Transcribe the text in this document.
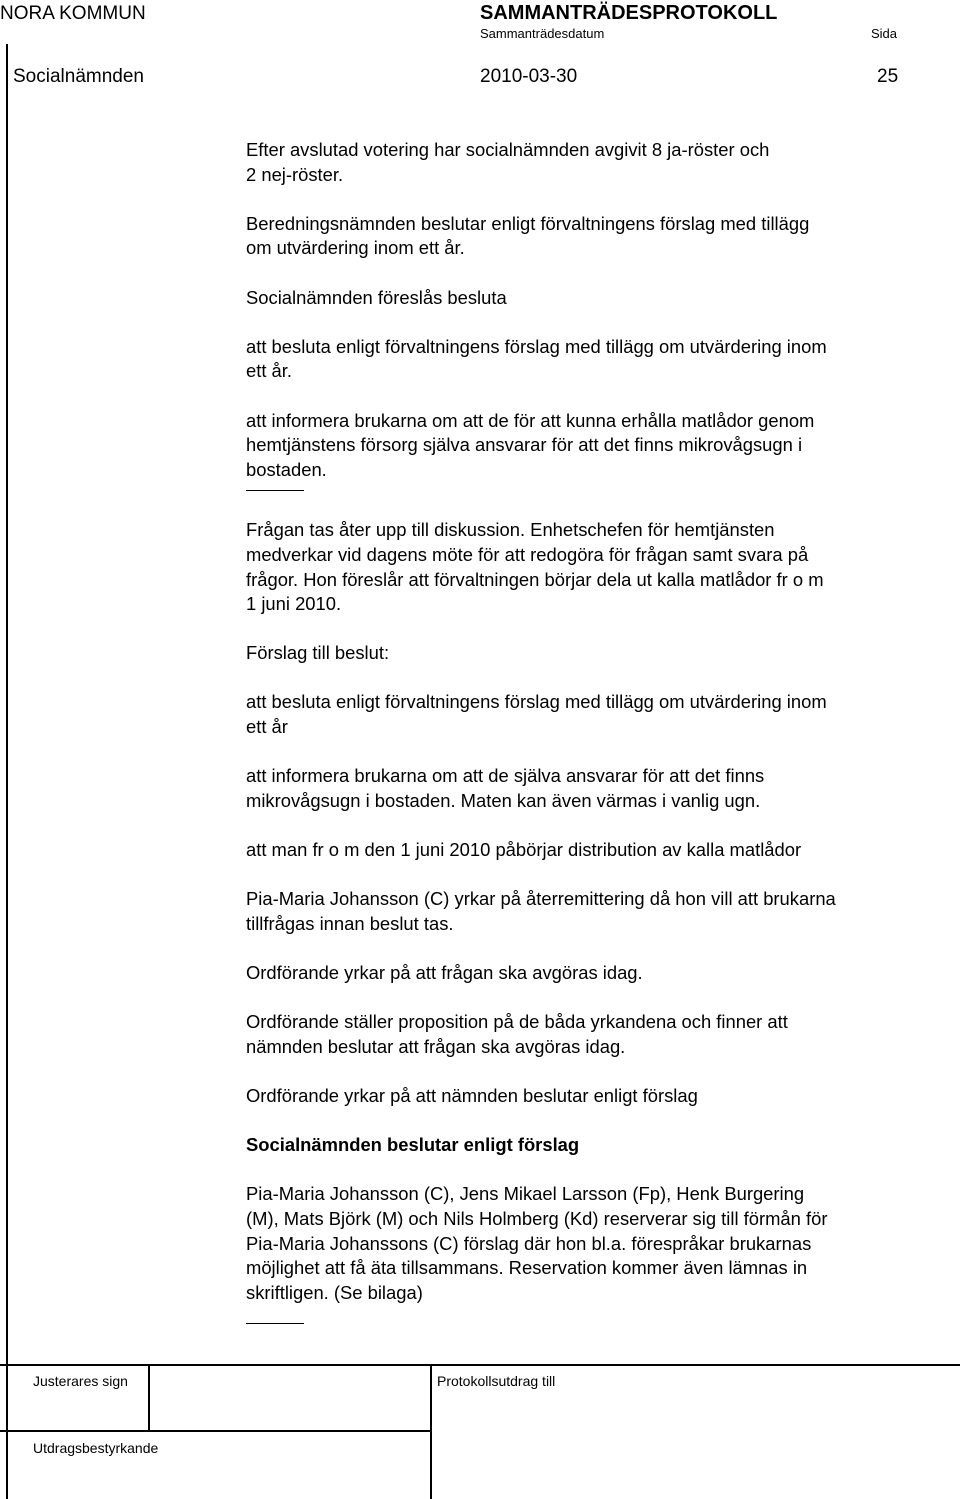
NORA KOMMUN	SAMMANTRÄDESPROTOKOLL
Sammanträdesdatum	Sida
Socialnämnden	2010-03-30	25

Efter avslutad votering har socialnämnden avgivit 8 ja-röster och
2 nej-röster.

Beredningsnämnden beslutar enligt förvaltningens förslag med tillägg
om utvärdering inom ett år.

Socialnämnden föreslås besluta

att besluta enligt förvaltningens förslag med tillägg om utvärdering inom
ett år.

att informera brukarna om att de för att kunna erhålla matlådor genom
hemtjänstens försorg själva ansvarar för att det finns mikrovågsugn i
bostaden.

Frågan tas åter upp till diskussion. Enhetschefen för hemtjänsten
medverkar vid dagens möte för att redogöra för frågan samt svara på
frågor. Hon föreslår att förvaltningen börjar dela ut kalla matlådor fr o m
1 juni 2010.

Förslag till beslut:

att besluta enligt förvaltningens förslag med tillägg om utvärdering inom
ett år

att informera brukarna om att de själva ansvarar för att det finns
mikrovågsugn i bostaden. Maten kan även värmas i vanlig ugn.

att man fr o m den 1 juni 2010 påbörjar distribution av kalla matlådor

Pia-Maria Johansson (C) yrkar på återremittering då hon vill att brukarna
tillfrågas innan beslut tas.

Ordförande yrkar på att frågan ska avgöras idag.

Ordförande ställer proposition på de båda yrkandena och finner att
nämnden beslutar att frågan ska avgöras idag.

Ordförande yrkar på att nämnden beslutar enligt förslag

Socialnämnden beslutar enligt förslag

Pia-Maria Johansson (C), Jens Mikael Larsson (Fp), Henk Burgering
(M), Mats Björk (M) och Nils Holmberg (Kd) reserverar sig till förmån för
Pia-Maria Johanssons (C) förslag där hon bl.a. förespråkar brukarnas
möjlighet att få äta tillsammans. Reservation kommer även lämnas in
skriftligen. (Se bilaga)

Justerares sign	Protokollsutdrag till
Utdragsbestyrkande
